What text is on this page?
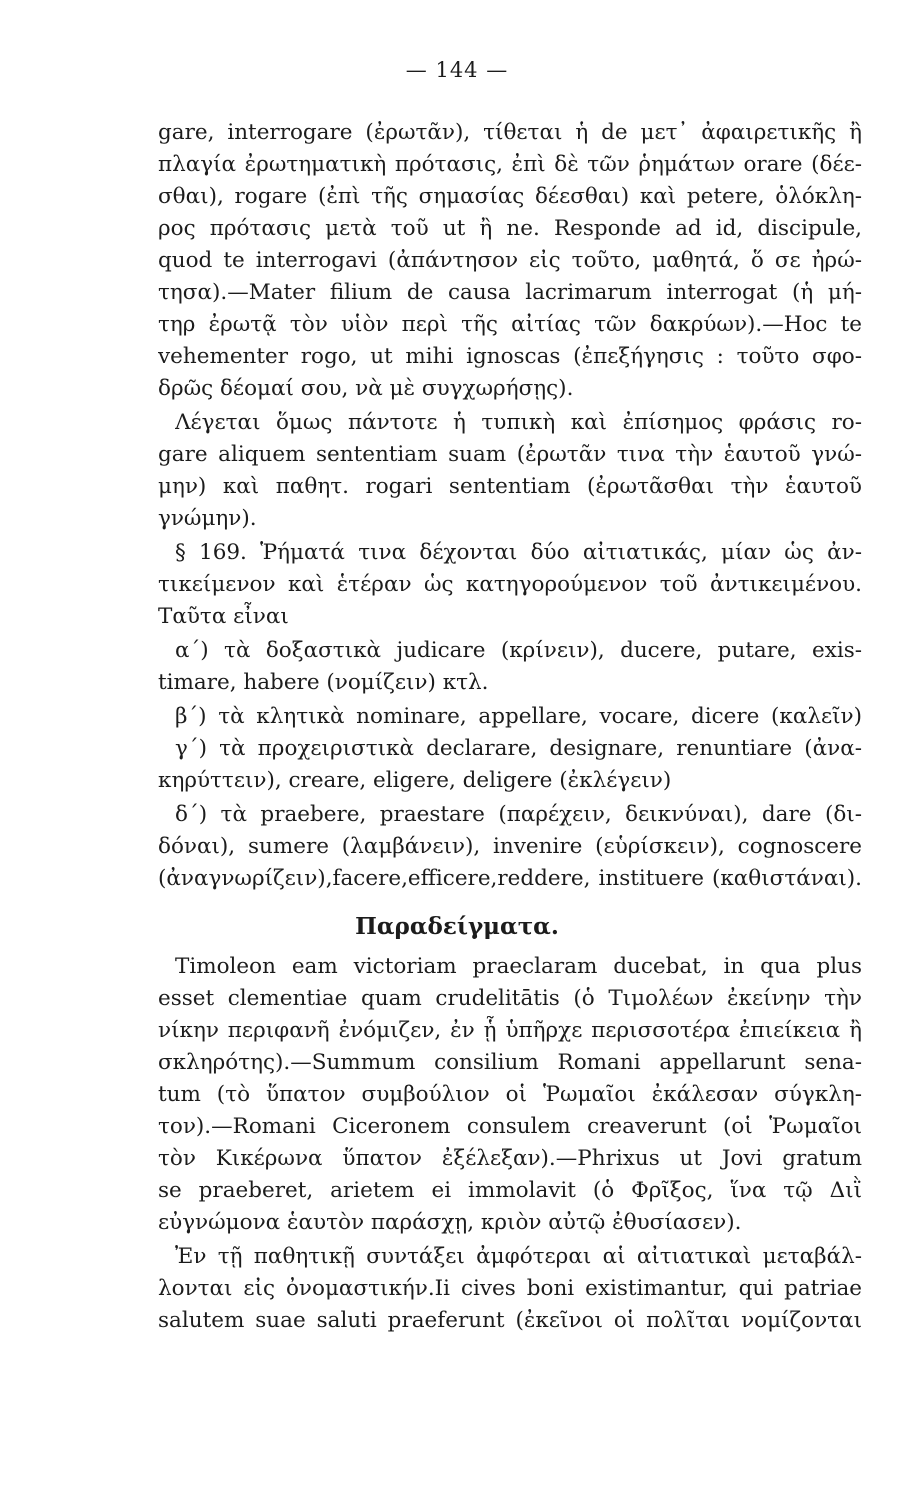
— 144 —
gare, interrogare (ἐρωτᾶν), τίθεται ἡ de μετ᾽ ἀφαιρετικῆς ἢ
πλαγία ἐρωτηματικὴ πρότασις, ἐπὶ δὲ τῶν ῥημάτων orare (δέε-
σθαι), rogare (ἐπὶ τῆς σημασίας δέεσθαι) καὶ petere, ὁλόκλη-
ρος πρότασις μετὰ τοῦ ut ἢ ne. Responde ad id, discipule,
quod te interrogavi (ἀπάντησον εἰς τοῦτο, μαθητά, ὅ σε ἠρώ-
τησα).—Mater filium de causa lacrimarum interrogat (ἡ μή-
τηρ ἐρωτᾷ τὸν υἱὸν περὶ τῆς αἰτίας τῶν δακρύων).—Hoc te
vehementer rogo, ut mihi ignoscas (ἐπεξήγησις : τοῦτο σφο-
δρῶς δέομαί σου, νὰ μὲ συγχωρήσῃς).
Λέγεται ὅμως πάντοτε ἡ τυπικὴ καὶ ἐπίσημος φράσις ro-
gare aliquem sententiam suam (ἐρωτᾶν τινα τὴν ἑαυτοῦ γνώ-
μην) καὶ παθητ. rogari sententiam (ἐρωτᾶσθαι τὴν ἑαυτοῦ
γνώμην).
§ 169. Ῥήματά τινα δέχονται δύο αἰτιατικάς, μίαν ὡς ἀν-
τικείμενον καὶ ἑτέραν ὡς κατηγορούμενον τοῦ ἀντικειμένου.
Ταῦτα εἶναι
α΄) τὰ δοξαστικὰ judicare (κρίνειν), ducere, putare, exis-
timare, habere (νομίζειν) κτλ.
β΄) τὰ κλητικὰ nominare, appellare, vocare, dicere (καλεῖν)
γ΄) τὰ προχειριστικὰ declarare, designare, renuntiare (ἀνα-
κηρύττειν), creare, eligere, deligere (ἐκλέγειν)
δ΄) τὰ praebere, praestare (παρέχειν, δεικνύναι), dare (δι-
δόναι), sumere (λαμβάνειν), invenire (εὑρίσκειν), cognoscere
(ἀναγνωρίζειν),facere,efficere,reddere, instituere (καθιστάναι).
Παραδείγματα.
Timoleon eam victoriam praeclaram ducebat, in qua plus
esset clementiae quam crudelitātis (ὁ Τιμολέων ἐκείνην τὴν
νίκην περιφανῆ ἐνόμιζεν, ἐν ᾗ ὑπῆρχε περισσοτέρα ἐπιείκεια ἢ
σκληρότης).—Summum consilium Romani appellarunt sena-
tum (τὸ ὕπατον συμβούλιον οἱ Ῥωμαῖοι ἐκάλεσαν σύγκλη-
τον).—Romani Ciceronem consulem creaverunt (οἱ Ῥωμαῖοι
τὸν Κικέρωνα ὕπατον ἐξέλεξαν).—Phrixus ut Jovi gratum
se praeberet, arietem ei immolavit (ὁ Φρῖξος, ἵνα τῷ Διῒ
εὐγνώμονα ἑαυτὸν παράσχῃ, κριὸν αὐτῷ ἐθυσίασεν).
Ἐν τῇ παθητικῇ συντάξει ἀμφότεραι αἱ αἰτιατικαὶ μεταβάλ-
λονται εἰς ὀνομαστικήν.Ii cives boni existimantur, qui patriae
salutem suae saluti praeferunt (ἐκεῖνοι οἱ πολῖται νομίζονται
